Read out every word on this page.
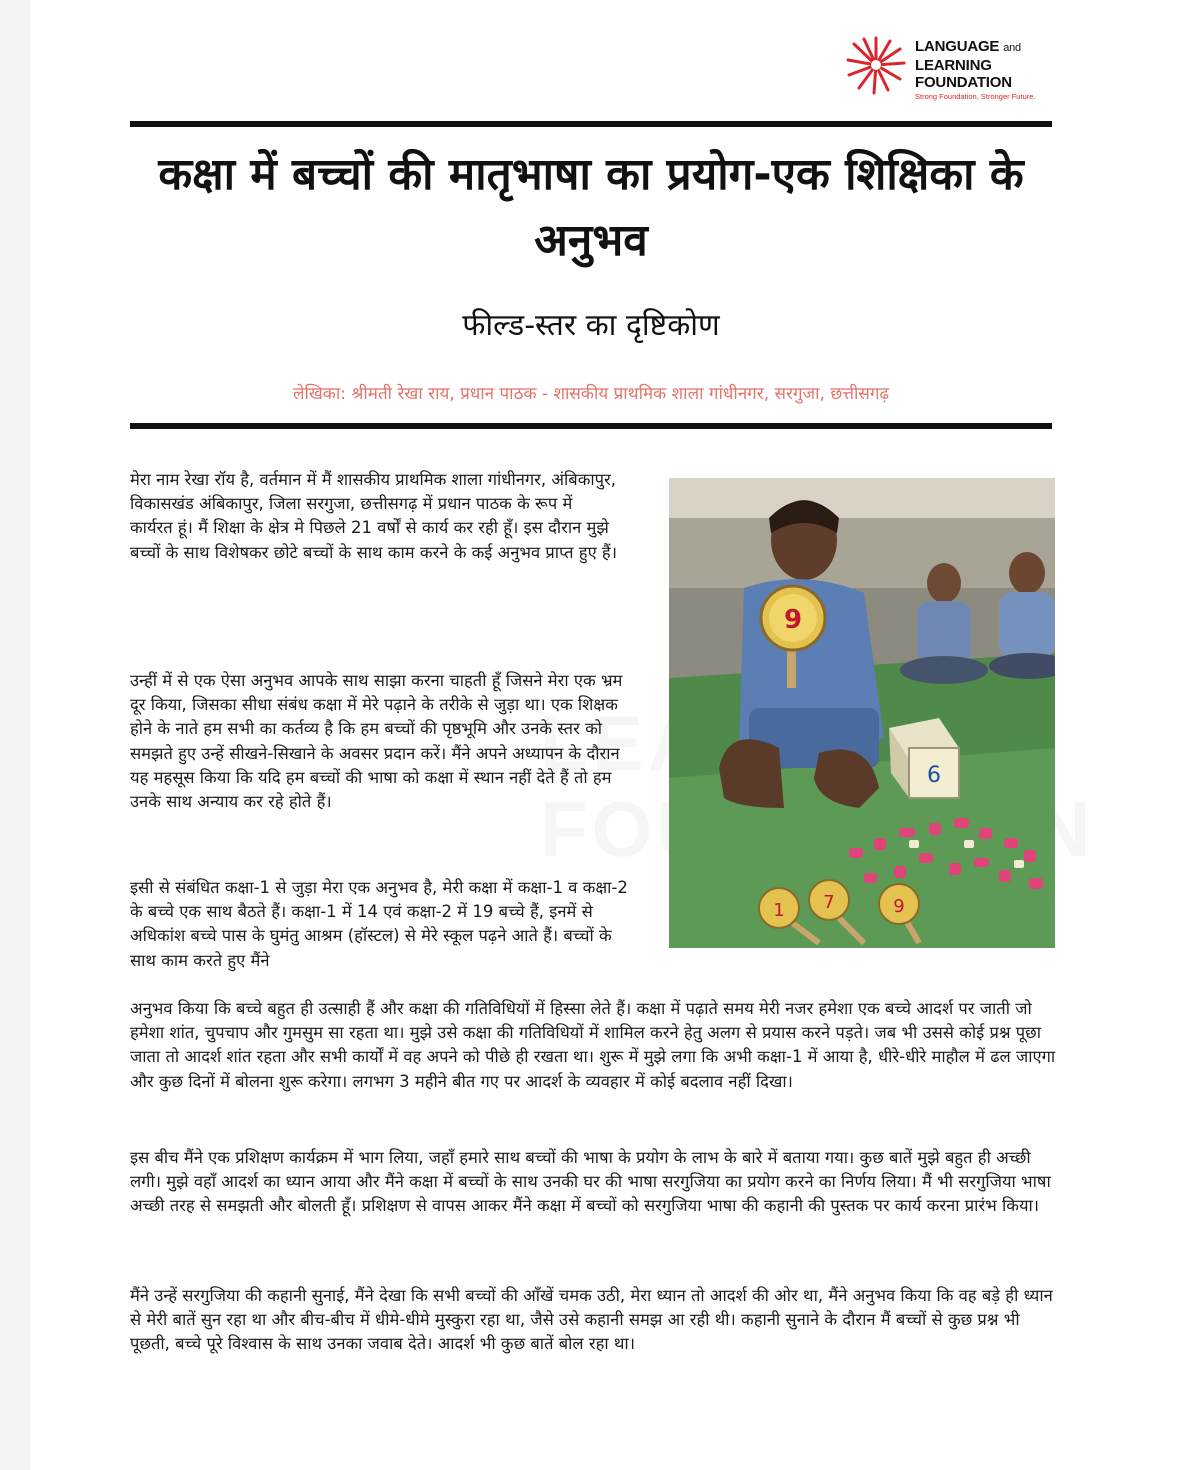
LANGUAGE and
LEARNING
FOUNDATION
Strong Foundation, Stronger Future.
कक्षा में बच्चों की मातृभाषा का प्रयोग-एक शिक्षिका के अनुभव
फील्ड-स्तर का दृष्टिकोण
लेखिका: श्रीमती रेखा राय, प्रधान पाठक - शासकीय प्राथमिक शाला गांधीनगर, सरगुजा, छत्तीसगढ़

मेरा नाम रेखा रॉय है, वर्तमान में मैं शासकीय प्राथमिक शाला गांधीनगर, अंबिकापुर, विकासखंड अंबिकापुर, जिला सरगुजा, छत्तीसगढ़ में प्रधान पाठक के रूप में कार्यरत हूं। मैं शिक्षा के क्षेत्र मे पिछले 21 वर्षों से कार्य कर रही हूँ। इस दौरान मुझे बच्चों के साथ विशेषकर छोटे बच्चों के साथ काम करने के कई अनुभव प्राप्त हुए हैं।

उन्हीं में से एक ऐसा अनुभव आपके साथ साझा करना चाहती हूँ जिसने मेरा एक भ्रम दूर किया, जिसका सीधा संबंध कक्षा में मेरे पढ़ाने के तरीके से जुड़ा था। एक शिक्षक होने के नाते हम सभी का कर्तव्य है कि हम बच्चों की पृष्ठभूमि और उनके स्तर को समझते हुए उन्हें सीखने-सिखाने के अवसर प्रदान करें। मैंने अपने अध्यापन के दौरान यह महसूस किया कि यदि हम बच्चों की भाषा को कक्षा में स्थान नहीं देते हैं तो हम उनके साथ अन्याय कर रहे होते हैं।

इसी से संबंधित कक्षा-1 से जुड़ा मेरा एक अनुभव है, मेरी कक्षा में कक्षा-1 व कक्षा-2 के बच्चे एक साथ बैठते हैं। कक्षा-1 में 14 एवं कक्षा-2 में 19 बच्चे हैं, इनमें से अधिकांश बच्चे पास के घुमंतु आश्रम (हॉस्टल) से मेरे स्कूल पढ़ने आते हैं। बच्चों के साथ काम करते हुए मैंने

अनुभव किया कि बच्चे बहुत ही उत्साही हैं और कक्षा की गतिविधियों में हिस्सा लेते हैं। कक्षा में पढ़ाते समय मेरी नजर हमेशा एक बच्चे आदर्श पर जाती जो हमेशा शांत, चुपचाप और गुमसुम सा रहता था। मुझे उसे कक्षा की गतिविधियों में शामिल करने हेतु अलग से प्रयास करने पड़ते। जब भी उससे कोई प्रश्न पूछा जाता तो आदर्श शांत रहता और सभी कार्यों में वह अपने को पीछे ही रखता था। शुरू में मुझे लगा कि अभी कक्षा-1 में आया है, धीरे-धीरे माहौल में ढल जाएगा और कुछ दिनों में बोलना शुरू करेगा। लगभग 3 महीने बीत गए पर आदर्श के व्यवहार में कोई बदलाव नहीं दिखा।

इस बीच मैंने एक प्रशिक्षण कार्यक्रम में भाग लिया, जहाँ हमारे साथ बच्चों की भाषा के प्रयोग के लाभ के बारे में बताया गया। कुछ बातें मुझे बहुत ही अच्छी लगी। मुझे वहाँ आदर्श का ध्यान आया और मैंने कक्षा में बच्चों के साथ उनकी घर की भाषा सरगुजिया का प्रयोग करने का निर्णय लिया। मैं भी सरगुजिया भाषा अच्छी तरह से समझती और बोलती हूँ। प्रशिक्षण से वापस आकर मैंने कक्षा में बच्चों को सरगुजिया भाषा की कहानी की पुस्तक पर कार्य करना प्रारंभ किया।

मैंने उन्हें सरगुजिया की कहानी सुनाई, मैंने देखा कि सभी बच्चों की आँखें चमक उठी, मेरा ध्यान तो आदर्श की ओर था, मैंने अनुभव किया कि वह बड़े ही ध्यान से मेरी बातें सुन रहा था और बीच-बीच में धीमे-धीमे मुस्कुरा रहा था, जैसे उसे कहानी समझ आ रही थी। कहानी सुनाने के दौरान मैं बच्चों से कुछ प्रश्न भी पूछती, बच्चे पूरे विश्वास के साथ उनका जवाब देते। आदर्श भी कुछ बातें बोल रहा था।

9
6
1 7	9
